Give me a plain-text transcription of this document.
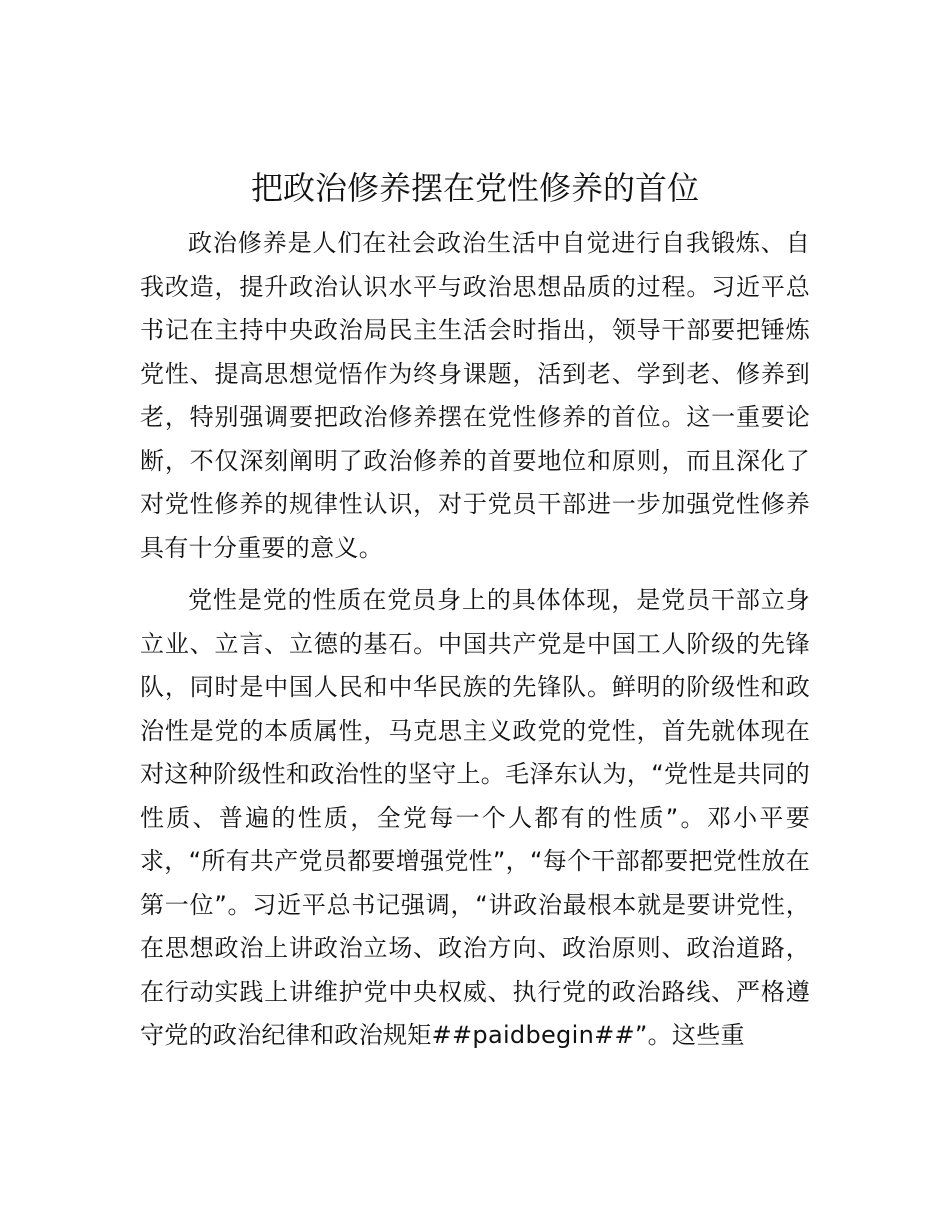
把政治修养摆在党性修养的首位

政治修养是人们在社会政治生活中自觉进行自我锻炼、自我改造，提升政治认识水平与政治思想品质的过程。习近平总书记在主持中央政治局民主生活会时指出，领导干部要把锤炼党性、提高思想觉悟作为终身课题，活到老、学到老、修养到老，特别强调要把政治修养摆在党性修养的首位。这一重要论断，不仅深刻阐明了政治修养的首要地位和原则，而且深化了对党性修养的规律性认识，对于党员干部进一步加强党性修养具有十分重要的意义。

党性是党的性质在党员身上的具体体现，是党员干部立身立业、立言、立德的基石。中国共产党是中国工人阶级的先锋队，同时是中国人民和中华民族的先锋队。鲜明的阶级性和政治性是党的本质属性，马克思主义政党的党性，首先就体现在对这种阶级性和政治性的坚守上。毛泽东认为，“党性是共同的性质、普遍的性质，全党每一个人都有的性质”。邓小平要求，“所有共产党员都要增强党性”，“每个干部都要把党性放在第一位”。习近平总书记强调，“讲政治最根本就是要讲党性，在思想政治上讲政治立场、政治方向、政治原则、政治道路，在行动实践上讲维护党中央权威、执行党的政治路线、严格遵守党的政治纪律和政治规矩##paidbegin##”。这些重
